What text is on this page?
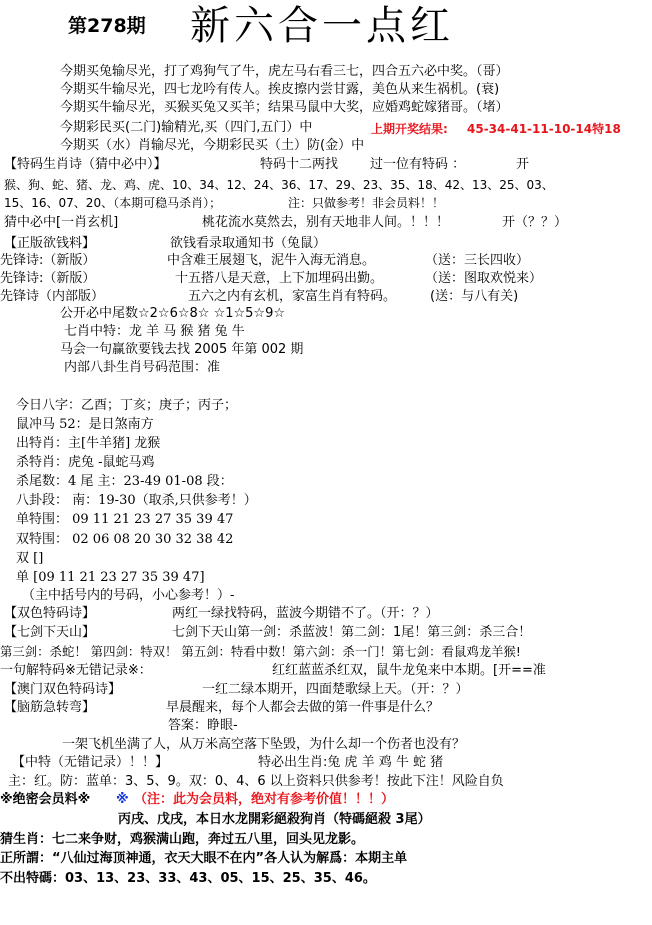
第278期 新六合一点红
今期买兔输尽光，打了鸡狗气了牛，虎左马右看三七，四合五六必中奖。（哥）
今期买牛输尽光，四七龙吟有传人。挨皮擦内尝甘露，美色从来生祸机。(衰)
今期买牛输尽光，买猴买兔又买羊；结果马鼠中大奖，应婚鸡蛇嫁猪哥。（堵）
今期彩民买(二门)输精光,买（四门,五门）中	上期开奖结果: 45-34-41-11-10-14特18
今期买（水）肖输尽光，今期彩民买（土）防(金）中
【特码生肖诗（猜中必中）】	特码十二两找 过一位有特码 ：	开
猴、狗、蛇、猪、龙、鸡、虎、10、34、12、24、36、17、29、23、35、18、42、13、25、03、
15、16、07、20、（本期可稳马杀肖）；	注：只做参考！非会员料！！
猜中必中[一肖玄机]	桃花流水莫然去，别有天地非人间。！！！	开（？？）
【正版欲钱料】	欲钱看录取通知书（兔鼠）
先锋诗:（新版）	中含难王展翅飞，泥牛入海无消息。	（送：三长四收）
先锋诗:（新版）	十五搭八是天意，上下加埋码出勤。	（送：图取欢悦来）
先锋诗（内部版）	五六之内有玄机，家富生肖有特码。	(送：与八有关)
公开必中尾数☆2☆6☆8☆ ☆1☆5☆9☆
七肖中特：龙 羊 马 猴 猪 兔 牛
马会一句赢欲要钱去找 2005 年第 002 期
内部八卦生肖号码范围：准
今日八字：乙酉；丁亥；庚子；丙子；
鼠冲马 52：是日煞南方
出特肖：主[牛羊猪] 龙猴
杀特肖：虎兔 -鼠蛇马鸡
杀尾数：4 尾 主：23-49 01-08 段：
八卦段： 南：19-30（取杀,只供参考！）
单特围： 09 11 21 23 27 35 39 47
双特围： 02 06 08 20 30 32 38 42
双 []
单 [09 11 21 23 27 35 39 47]
（主中括号内的号码，小心参考！）-
【双色特码诗】	两红一绿找特码，蓝波今期错不了。（开：？）
【七剑下天山】	七剑下天山第一剑：杀蓝波！第二剑：1尾！第三剑：杀三合！
第三剑：杀蛇！ 第四剑：特双！ 第五剑：特看中数！第六剑：杀一门！第七剑：看鼠鸡龙羊猴!
一句解特码※无错记录※：	红红蓝蓝杀红双，鼠牛龙兔来中本期。[开==准
【澳门双色特码诗】	一红二绿本期开，四面楚歌绿上天。（开：？）
【脑筋急转弯】	早晨醒来，每个人都会去做的第一件事是什么？
答案：睁眼-
一架飞机坐满了人，从万米高空落下坠毁，为什么却一个伤者也没有？
【中特（无错记录）！！】	特必出生肖:兔 虎 羊 鸡 牛 蛇 猪
主：红。防：蓝单：3、5、9。双：0、4、6 以上资料只供参考！按此下注！风险自负
※绝密会员料※	（注：此为会员料，绝对有参考价值！！！）
※
丙戌、戊戌，本日水龙開彩絕殺狗肖（特碼絕殺 3尾）
猜生肖：七二来争财，鸡猴满山跑，奔过五八里，回头见龙影。
正所謂：“八仙过海顶神通，衣天大眼不在内”各人认为解爲：本期主单
不出特碼：03、13、23、33、43、05、15、25、35、46。
